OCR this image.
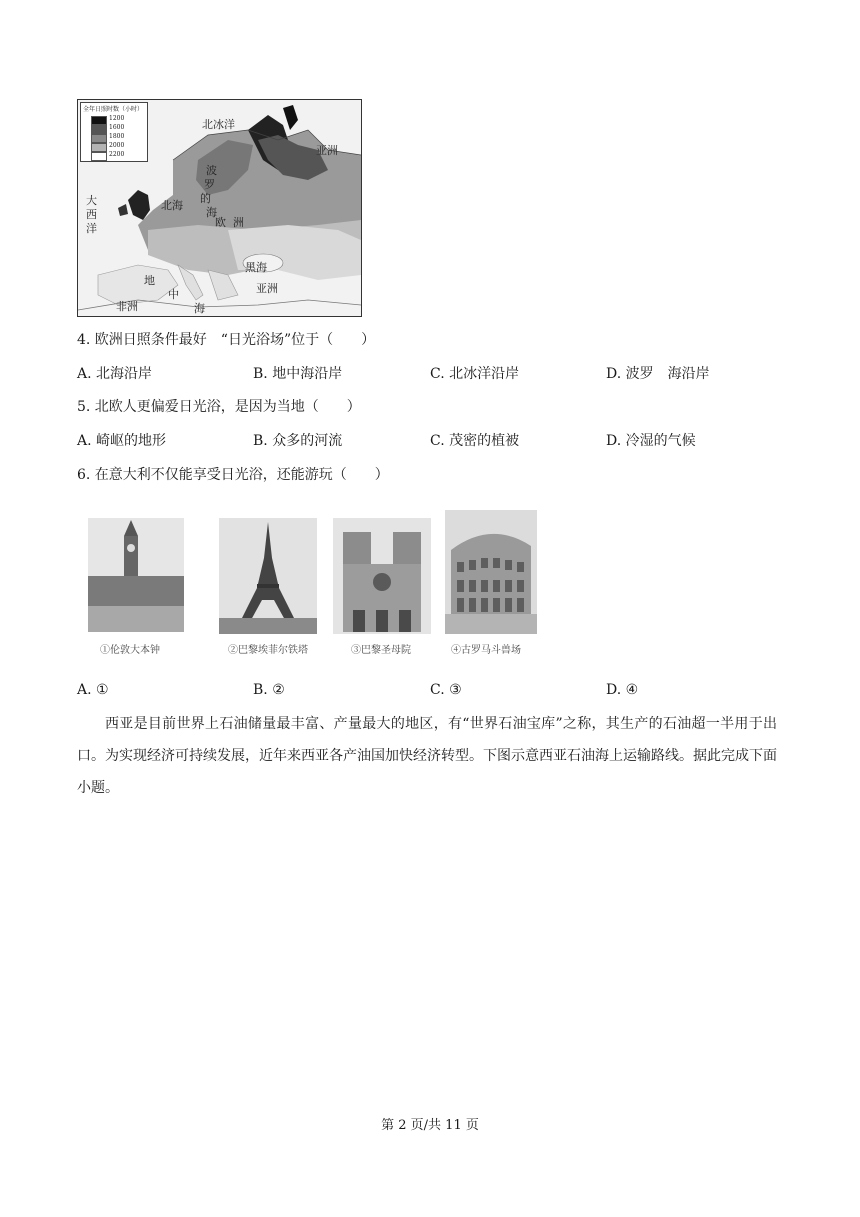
全年日照时数（小时）
1200
1600
1800
2000
2200
北冰洋
亚洲
大
西
洋
北海
波
罗
的
海
欧 洲
黑海
亚洲
地
中
海
非洲
4. 欧洲日照条件最好　“日光浴场”位于（　　）
A. 北海沿岸	B. 地中海沿岸	C. 北冰洋沿岸	D. 波罗　海沿岸
5. 北欧人更偏爱日光浴，是因为当地（　　）
A. 崎岖的地形	B. 众多的河流	C. 茂密的植被	D. 冷湿的气候
6. 在意大利不仅能享受日光浴，还能游玩（　　）
①伦敦大本钟	②巴黎埃菲尔铁塔	③巴黎圣母院	④古罗马斗兽场
A. ①	B. ②	C. ③	D. ④
西亚是目前世界上石油储量最丰富、产量最大的地区，有“世界石油宝库”之称，其生产的石油超一半用于出口。为实现经济可持续发展，近年来西亚各产油国加快经济转型。下图示意西亚石油海上运输路线。据此完成下面小题。
第 2 页/共 11 页
